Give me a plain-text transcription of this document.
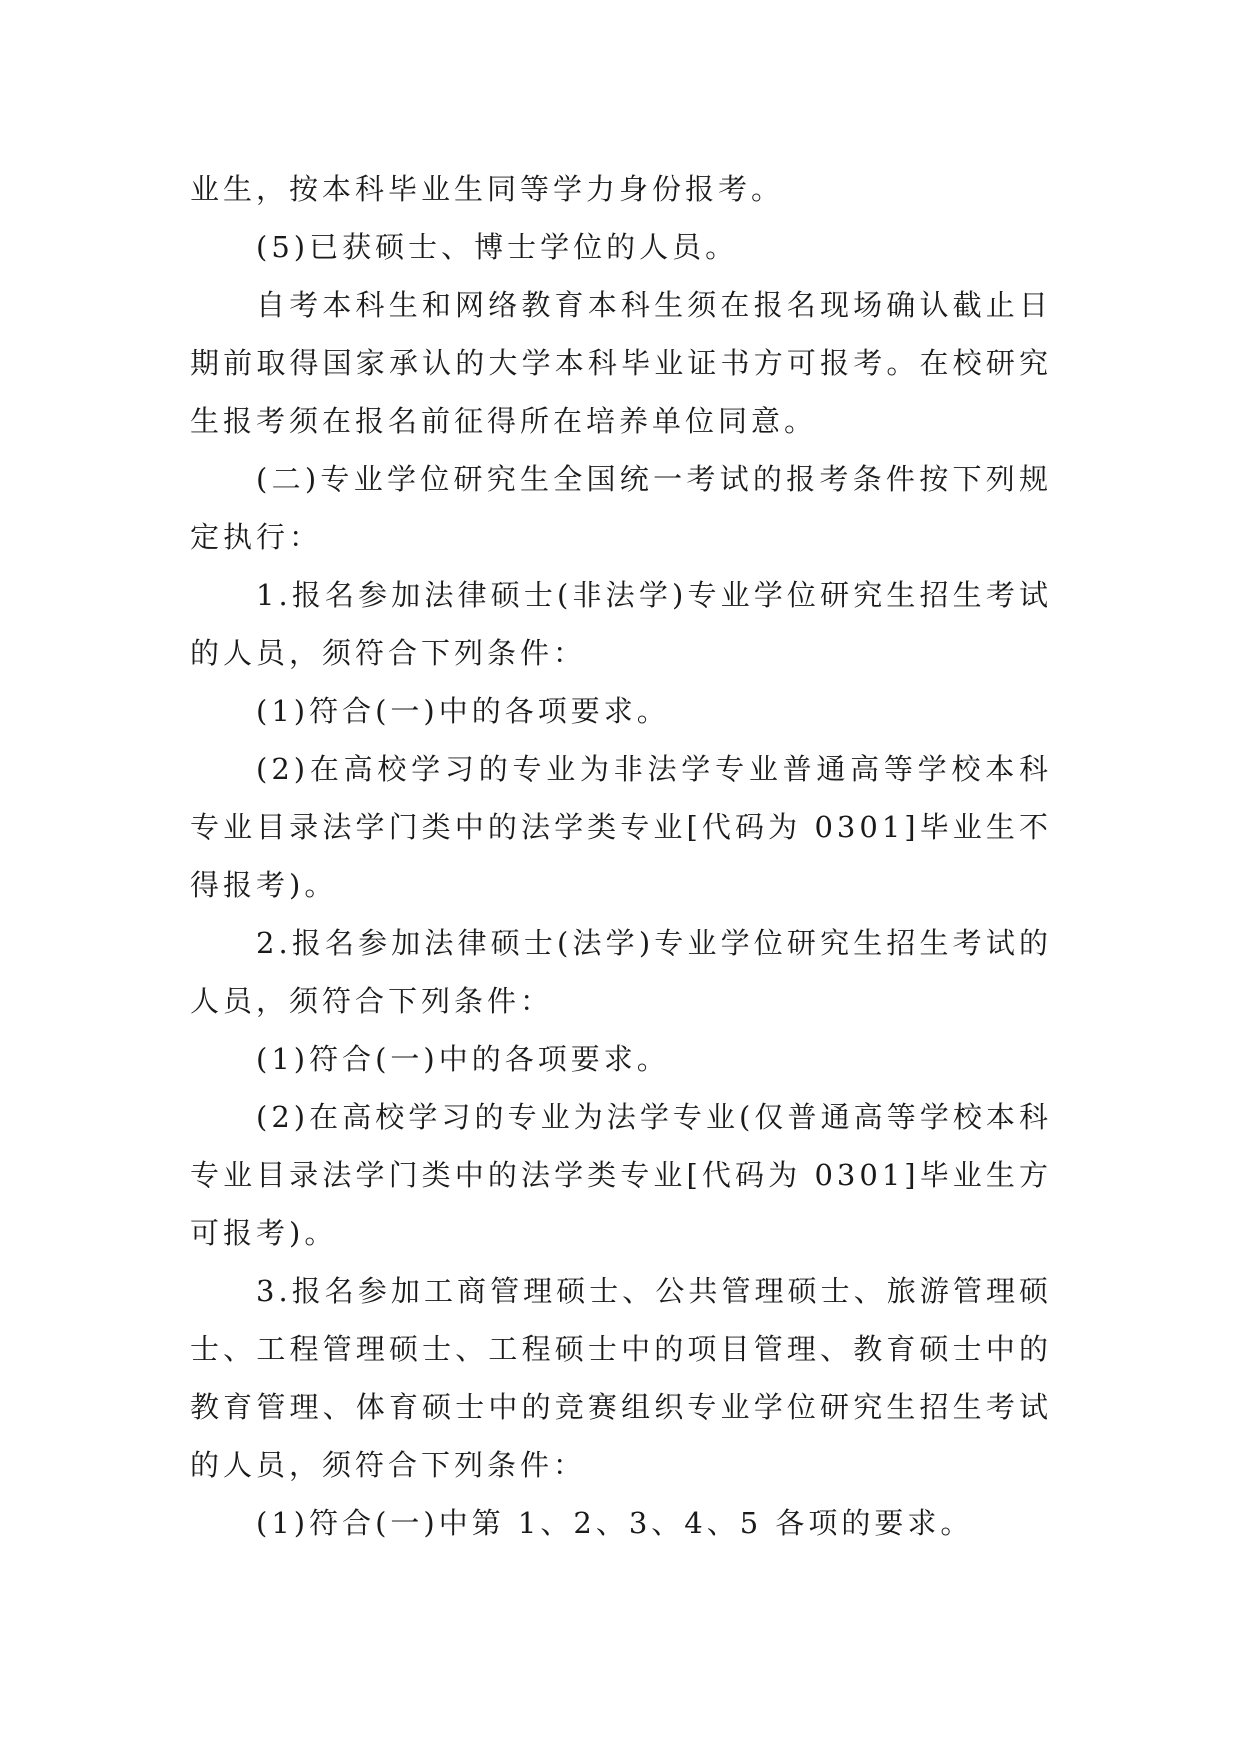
业生，按本科毕业生同等学力身份报考。

(5)已获硕士、博士学位的人员。

自考本科生和网络教育本科生须在报名现场确认截止日期前取得国家承认的大学本科毕业证书方可报考。在校研究生报考须在报名前征得所在培养单位同意。

(二)专业学位研究生全国统一考试的报考条件按下列规定执行：

1.报名参加法律硕士(非法学)专业学位研究生招生考试的人员，须符合下列条件：

(1)符合(一)中的各项要求。

(2)在高校学习的专业为非法学专业普通高等学校本科专业目录法学门类中的法学类专业[代码为 0301]毕业生不得报考)。

2.报名参加法律硕士(法学)专业学位研究生招生考试的人员，须符合下列条件：

(1)符合(一)中的各项要求。

(2)在高校学习的专业为法学专业(仅普通高等学校本科专业目录法学门类中的法学类专业[代码为 0301]毕业生方可报考)。

3.报名参加工商管理硕士、公共管理硕士、旅游管理硕士、工程管理硕士、工程硕士中的项目管理、教育硕士中的教育管理、体育硕士中的竞赛组织专业学位研究生招生考试的人员，须符合下列条件：

(1)符合(一)中第 1、2、3、4、5 各项的要求。
